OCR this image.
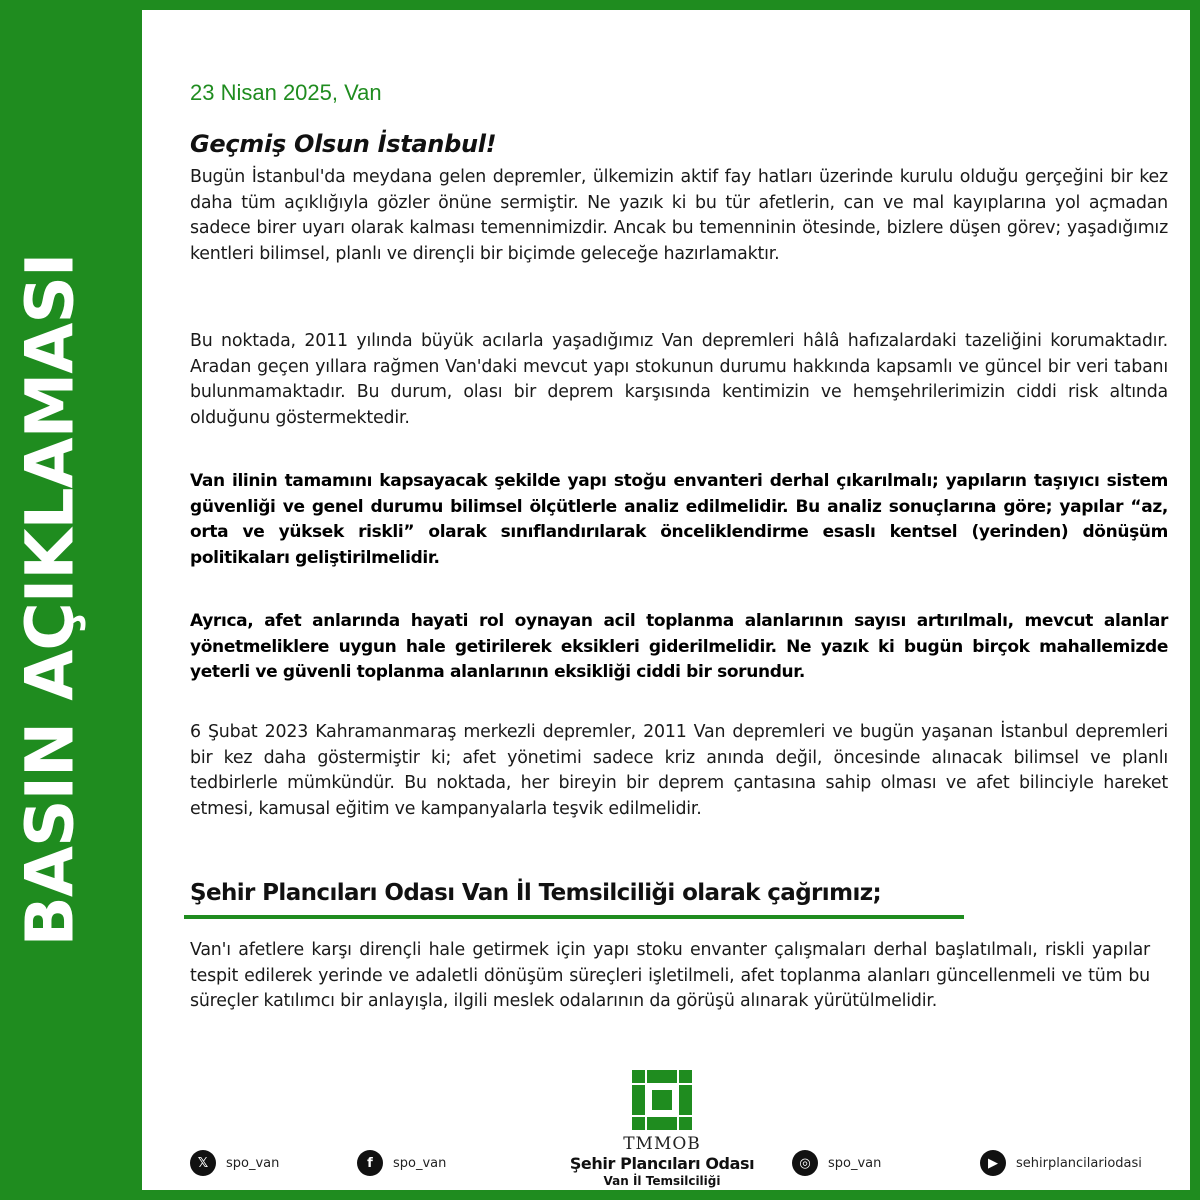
BASIN AÇIKLAMASI
23 Nisan 2025, Van
Geçmiş Olsun İstanbul!
Bugün İstanbul'da meydana gelen depremler, ülkemizin aktif fay hatları üzerinde kurulu olduğu gerçeğini bir kez daha tüm açıklığıyla gözler önüne sermiştir. Ne yazık ki bu tür afetlerin, can ve mal kayıplarına yol açmadan sadece birer uyarı olarak kalması temennimizdir. Ancak bu temenninin ötesinde, bizlere düşen görev; yaşadığımız kentleri bilimsel, planlı ve dirençli bir biçimde geleceğe hazırlamaktır.
Bu noktada, 2011 yılında büyük acılarla yaşadığımız Van depremleri hâlâ hafızalardaki tazeliğini korumaktadır. Aradan geçen yıllara rağmen Van'daki mevcut yapı stokunun durumu hakkında kapsamlı ve güncel bir veri tabanı bulunmamaktadır. Bu durum, olası bir deprem karşısında kentimizin ve hemşehrilerimizin ciddi risk altında olduğunu göstermektedir.
Van ilinin tamamını kapsayacak şekilde yapı stoğu envanteri derhal çıkarılmalı; yapıların taşıyıcı sistem güvenliği ve genel durumu bilimsel ölçütlerle analiz edilmelidir. Bu analiz sonuçlarına göre; yapılar “az, orta ve yüksek riskli” olarak sınıflandırılarak önceliklendirme esaslı kentsel (yerinden) dönüşüm politikaları geliştirilmelidir.
Ayrıca, afet anlarında hayati rol oynayan acil toplanma alanlarının sayısı artırılmalı, mevcut alanlar yönetmeliklere uygun hale getirilerek eksikleri giderilmelidir. Ne yazık ki bugün birçok mahallemizde yeterli ve güvenli toplanma alanlarının eksikliği ciddi bir sorundur.
6 Şubat 2023 Kahramanmaraş merkezli depremler, 2011 Van depremleri ve bugün yaşanan İstanbul depremleri bir kez daha göstermiştir ki; afet yönetimi sadece kriz anında değil, öncesinde alınacak bilimsel ve planlı tedbirlerle mümkündür. Bu noktada, her bireyin bir deprem çantasına sahip olması ve afet bilinciyle hareket etmesi, kamusal eğitim ve kampanyalarla teşvik edilmelidir.
Şehir Plancıları Odası Van İl Temsilciliği olarak çağrımız;
Van'ı afetlere karşı dirençli hale getirmek için yapı stoku envanter çalışmaları derhal başlatılmalı, riskli yapılar tespit edilerek yerinde ve adaletli dönüşüm süreçleri işletilmeli, afet toplanma alanları güncellenmeli ve tüm bu süreçler katılımcı bir anlayışla, ilgili meslek odalarının da görüşü alınarak yürütülmelidir.
𝕏	spo_van	f	spo_van
TMMOB
Şehir Plancıları Odası
Van İl Temsilciliği
◎	spo_van	▶	sehirplancilariodasi
